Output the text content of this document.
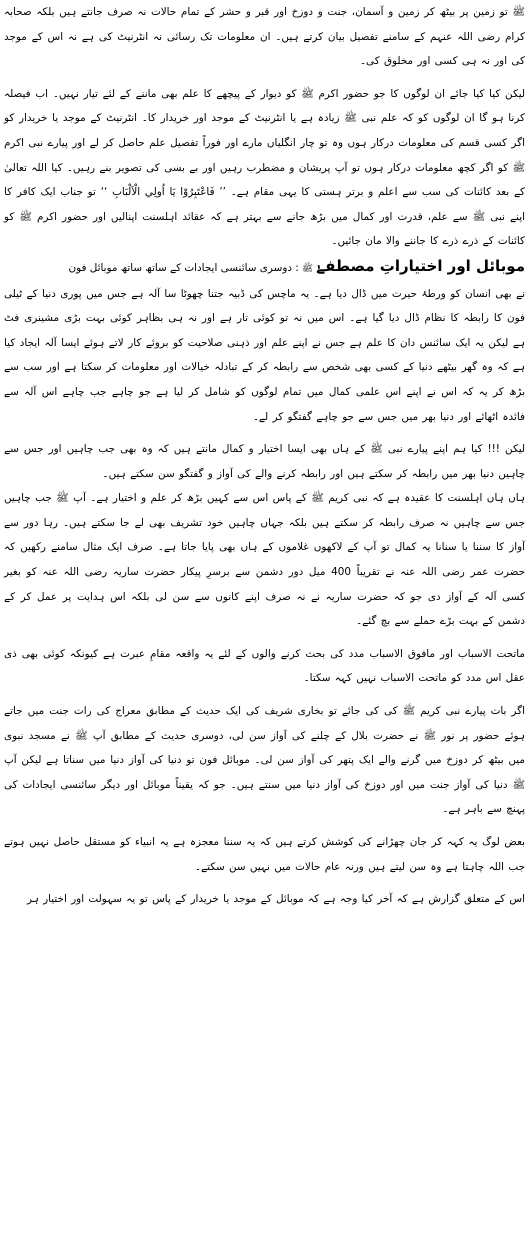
ﷺ تو زمین پر بیٹھ کر زمین و آسمان، جنت و دوزخ اور قبر و حشر کے تمام حالات نہ صرف جانتے ہیں بلکہ صحابہ کرام رضی اللہ عنہم کے سامنے تفصیل بیان کرتے ہیں۔ ان معلومات تک رسائی نہ انٹرنیٹ کی ہے نہ اس کے موجد کی اور نہ ہی کسی اور مخلوق کی۔

لیکن کیا کیا جائے ان لوگوں کا جو حضور اکرم ﷺ کو دیوار کے پیچھے کا علم بھی ماننے کے لئے تیار نہیں۔ اب فیصلہ کرنا ہو گا ان لوگوں کو کہ علم نبی ﷺ زیادہ ہے یا انٹرنیٹ کے موجد اور خریدار کا۔ انٹرنیٹ کے موجد یا خریدار کو اگر کسی قسم کی معلومات درکار ہوں وہ تو چار انگلیاں مارے اور فوراً تفصیل علم حاصل کر لے اور پیارے نبی اکرم ﷺ کو اگر کچھ معلومات درکار ہوں تو آپ پریشان و مضطرب رہیں اور بے بسی کی تصویر بنے رہیں۔ کیا اللہ تعالیٰ کے بعد کائنات کی سب سے اعلم و برتر ہستی کا یہی مقام ہے۔ ’’ فَاعْتَبِرُوْا يَا اُولِي الْاَلْبَابِ ‘‘ تو جناب ایک کافر کا اپنے نبی ﷺ سے علم، قدرت اور کمال میں بڑھ جانے سے بہتر ہے کہ عقائد اہلسنت اپنالیں اور حضور اکرم ﷺ کو کائنات کے ذرے ذرے کا جاننے والا مان جائیں۔

موبائل اور اختیاراتِ مصطفےٰ ﷺ : دوسری سائنسی ایجادات کے ساتھ ساتھ موبائل فون

نے بھی انسان کو ورطۂ حیرت میں ڈال دیا ہے۔ یہ ماچس کی ڈبیہ جتنا چھوٹا سا آلہ ہے جس میں پوری دنیا کے ٹیلی فون کا رابطہ کا نظام ڈال دیا گیا ہے۔ اس میں نہ تو کوئی تار ہے اور نہ ہی بظاہر کوئی بہت بڑی مشینری فٹ ہے لیکن یہ ایک سائنس دان کا علم ہے جس نے اپنے علم اور ذہنی صلاحیت کو بروئے کار لاتے ہوئے ایسا آلہ ایجاد کیا ہے کہ وہ گھر بیٹھے دنیا کے کسی بھی شخص سے رابطہ کر کے تبادلہ خیالات اور معلومات کر سکتا ہے اور سب سے بڑھ کر یہ کہ اس نے اپنے اس علمی کمال میں تمام لوگوں کو شامل کر لیا ہے جو چاہے جب چاہے اس آلہ سے فائدہ اٹھائے اور دنیا بھر میں جس سے جو چاہے گفتگو کر لے۔

لیکن !!! کیا ہم اپنے پیارے نبی ﷺ کے ہاں بھی ایسا اختیار و کمال مانتے ہیں کہ وہ بھی جب چاہیں اور جس سے چاہیں دنیا بھر میں رابطہ کر سکتے ہیں اور رابطہ کرنے والے کی آواز و گفتگو سن سکتے ہیں۔

ہاں ہاں اہلسنت کا عقیدہ ہے کہ نبی کریم ﷺ کے پاس اس سے کہیں بڑھ کر علم و اختیار ہے۔ آپ ﷺ جب چاہیں جس سے چاہیں نہ صرف رابطہ کر سکتے ہیں بلکہ جہاں چاہیں خود تشریف بھی لے جا سکتے ہیں۔ رہا دور سے آواز کا سننا یا سنانا یہ کمال تو آپ کے لاکھوں غلاموں کے ہاں بھی پایا جاتا ہے۔ صرف ایک مثال سامنے رکھیں کہ حضرت عمر رضی اللہ عنہ نے تقریباً 400 میل دور دشمن سے برسرِ پیکار حضرت ساریہ رضی اللہ عنہ کو بغیر کسی آلہ کے آواز دی جو کہ حضرت ساریہ نے نہ صرف اپنے کانوں سے سن لی بلکہ اس ہدایت پر عمل کر کے دشمن کے بہت بڑے حملے سے بچ گئے۔

ماتحت الاسباب اور مافوق الاسباب مدد کی بحث کرنے والوں کے لئے یہ واقعہ مقامِ عبرت ہے کیونکہ کوئی بھی ذی عقل اس مدد کو ماتحت الاسباب نہیں کہہ سکتا۔

اگر بات پیارے نبی کریم ﷺ کی کی جائے تو بخاری شریف کی ایک حدیث کے مطابق معراج کی رات جنت میں جاتے ہوئے حضور پر نور ﷺ نے حضرت بلال کے چلنے کی آواز سن لی، دوسری حدیث کے مطابق آپ ﷺ نے مسجد نبوی میں بیٹھ کر دوزخ میں گرنے والے ایک پتھر کی آواز سن لی۔ موبائل فون تو دنیا کی آواز دنیا میں سناتا ہے لیکن آپ ﷺ دنیا کی آواز جنت میں اور دوزخ کی آواز دنیا میں سنتے ہیں۔ جو کہ یقیناً موبائل اور دیگر سائنسی ایجادات کی پہنچ سے باہر ہے۔

بعض لوگ یہ کہہ کر جان چھڑانے کی کوشش کرتے ہیں کہ یہ سننا معجزہ ہے یہ انبیاء کو مستقل حاصل نہیں ہوتے جب اللہ چاہتا ہے وہ سن لیتے ہیں ورنہ عام حالات میں نہیں سن سکتے۔

اس کے متعلق گزارش ہے کہ آخر کیا وجہ ہے کہ موبائل کے موجد یا خریدار کے پاس تو یہ سہولت اور اختیار ہر
